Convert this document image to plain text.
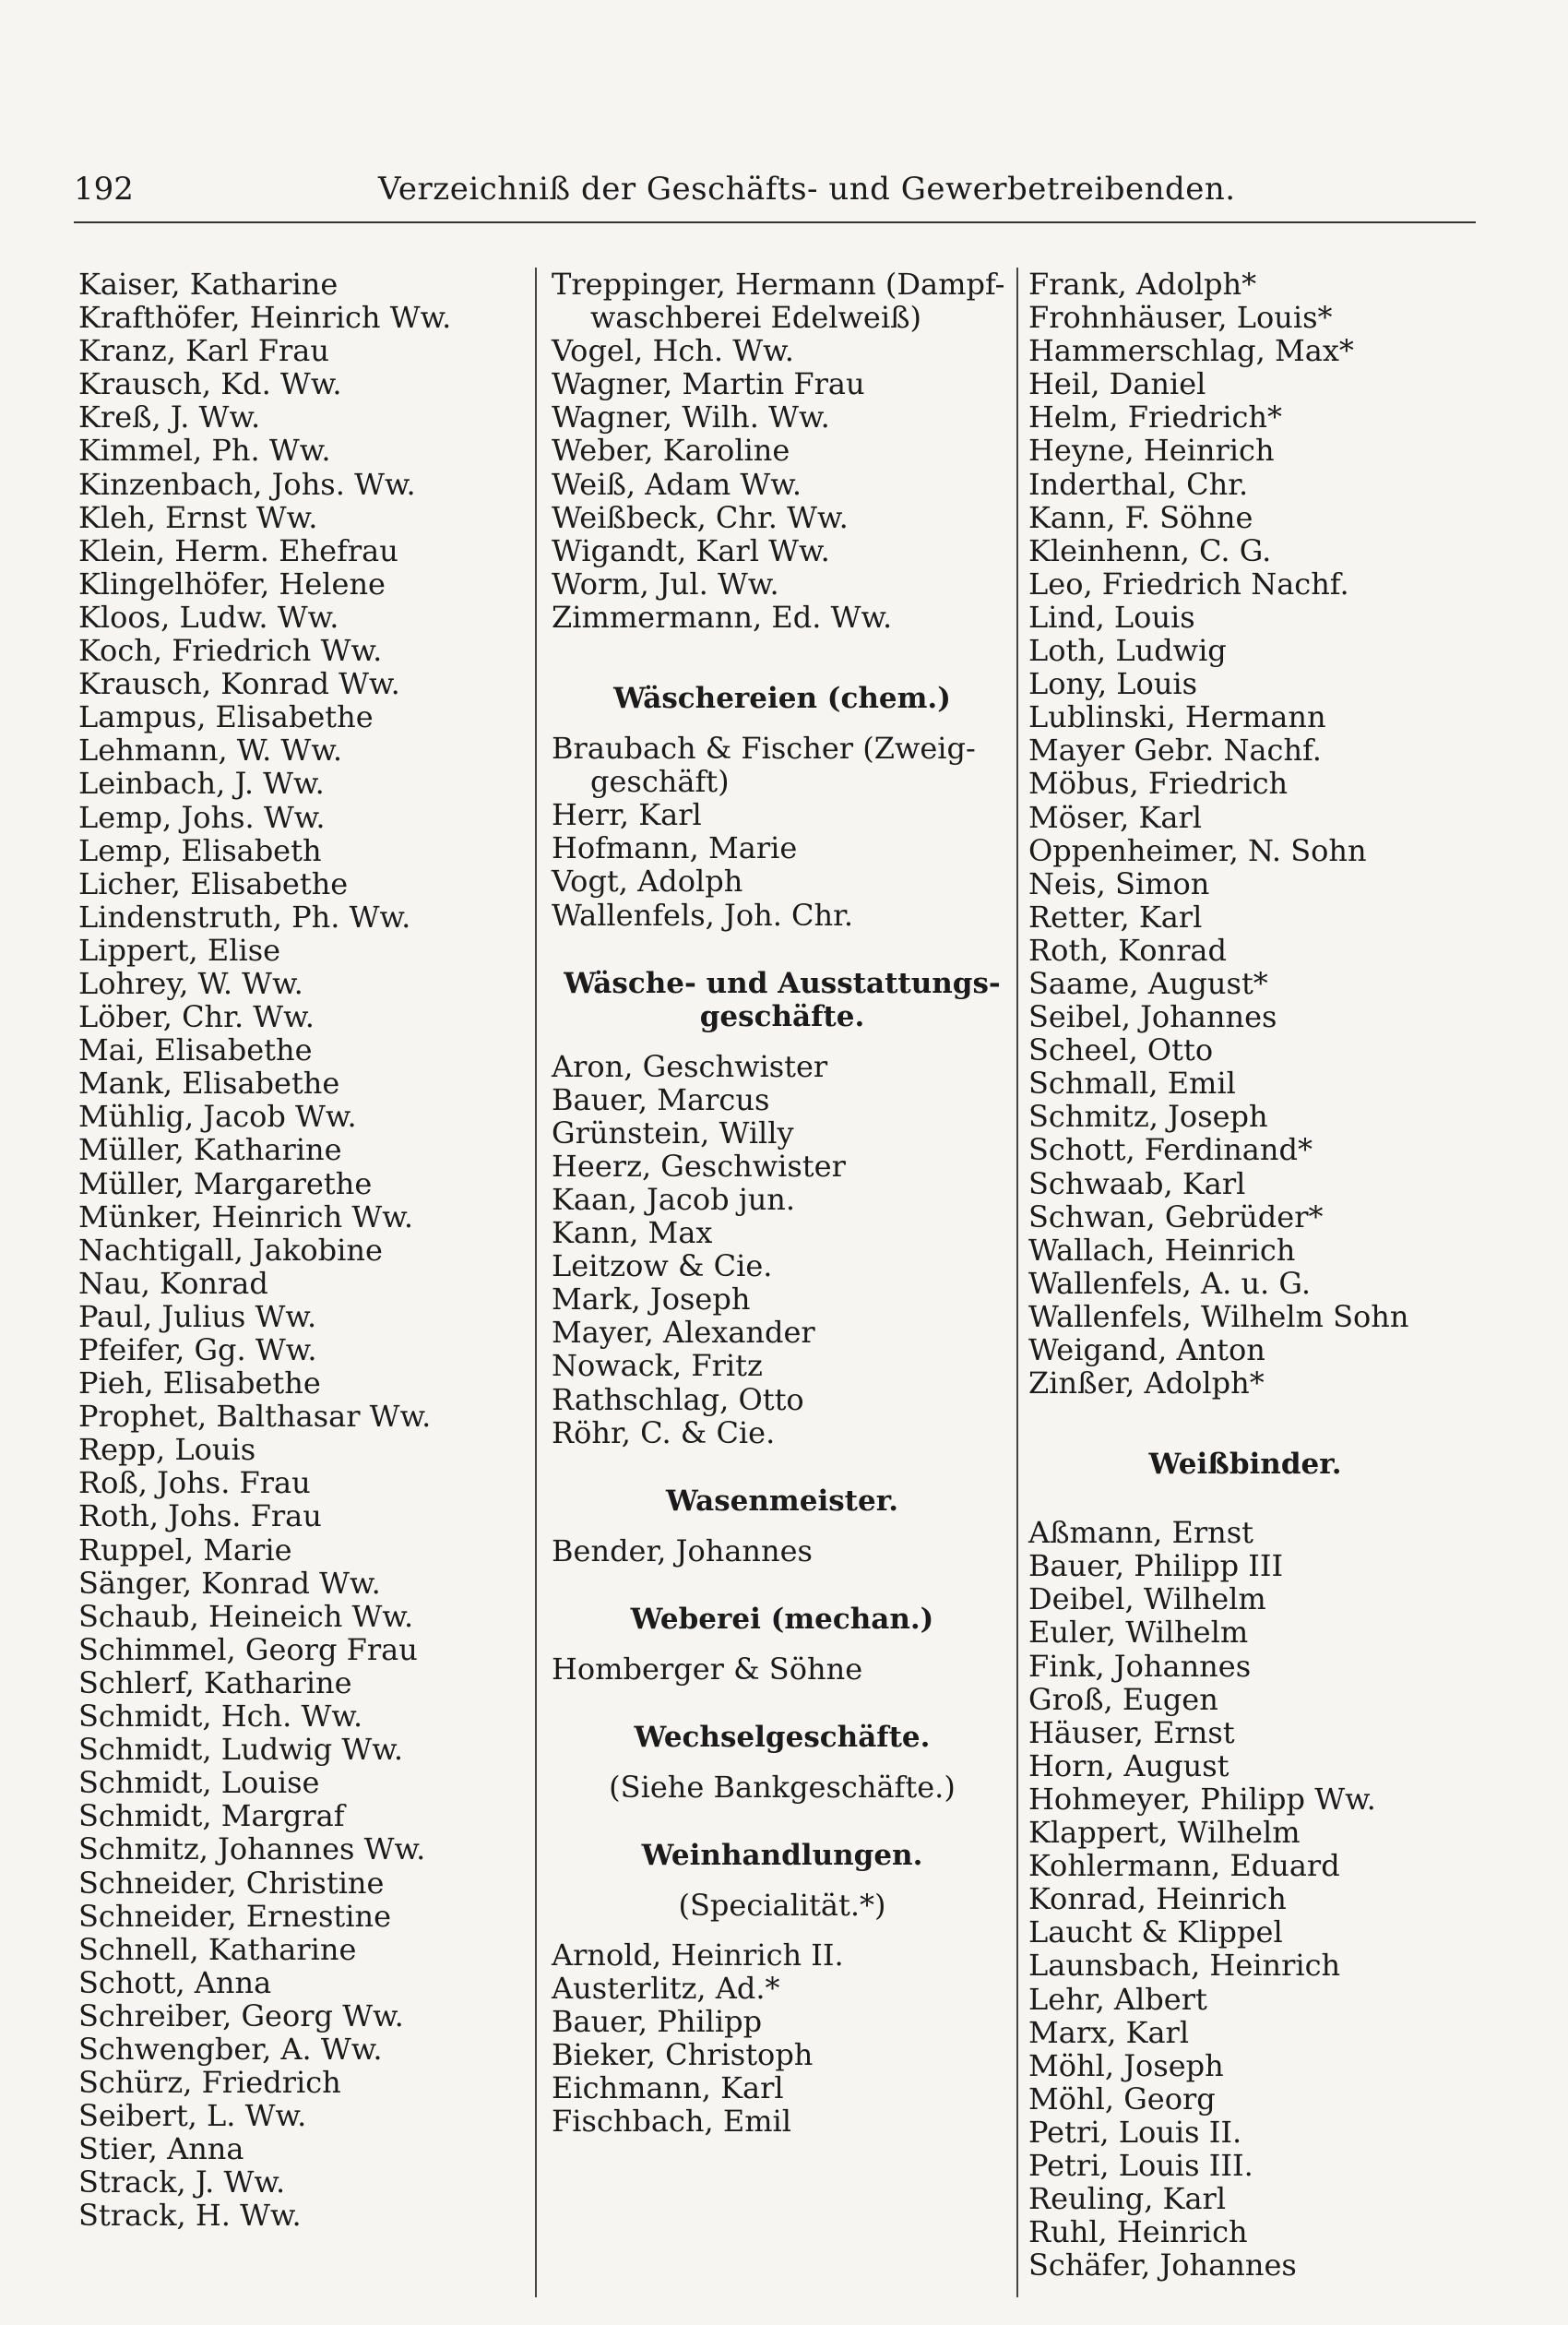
192	Verzeichniß der Geschäfts- und Gewerbetreibenden.
Kaiser, Katharine
Krafthöfer, Heinrich Ww.
Kranz, Karl Frau
Krausch, Kd. Ww.
Kreß, J. Ww.
Kimmel, Ph. Ww.
Kinzenbach, Johs. Ww.
Kleh, Ernst Ww.
Klein, Herm. Ehefrau
Klingelhöfer, Helene
Kloos, Ludw. Ww.
Koch, Friedrich Ww.
Krausch, Konrad Ww.
Lampus, Elisabethe
Lehmann, W. Ww.
Leinbach, J. Ww.
Lemp, Johs. Ww.
Lemp, Elisabeth
Licher, Elisabethe
Lindenstruth, Ph. Ww.
Lippert, Elise
Lohrey, W. Ww.
Löber, Chr. Ww.
Mai, Elisabethe
Mank, Elisabethe
Mühlig, Jacob Ww.
Müller, Katharine
Müller, Margarethe
Münker, Heinrich Ww.
Nachtigall, Jakobine
Nau, Konrad
Paul, Julius Ww.
Pfeifer, Gg. Ww.
Pieh, Elisabethe
Prophet, Balthasar Ww.
Repp, Louis
Roß, Johs. Frau
Roth, Johs. Frau
Ruppel, Marie
Sänger, Konrad Ww.
Schaub, Heineich Ww.
Schimmel, Georg Frau
Schlerf, Katharine
Schmidt, Hch. Ww.
Schmidt, Ludwig Ww.
Schmidt, Louise
Schmidt, Margraf
Schmitz, Johannes Ww.
Schneider, Christine
Schneider, Ernestine
Schnell, Katharine
Schott, Anna
Schreiber, Georg Ww.
Schwengber, A. Ww.
Schürz, Friedrich
Seibert, L. Ww.
Stier, Anna
Strack, J. Ww.
Strack, H. Ww.
Treppinger, Hermann (Dampf-
waschberei Edelweiß)
Vogel, Hch. Ww.
Wagner, Martin Frau
Wagner, Wilh. Ww.
Weber, Karoline
Weiß, Adam Ww.
Weißbeck, Chr. Ww.
Wigandt, Karl Ww.
Worm, Jul. Ww.
Zimmermann, Ed. Ww.
Wäschereien (chem.)
Braubach & Fischer (Zweig-
geschäft)
Herr, Karl
Hofmann, Marie
Vogt, Adolph
Wallenfels, Joh. Chr.
Wäsche- und Ausstattungs-
geschäfte.
Aron, Geschwister
Bauer, Marcus
Grünstein, Willy
Heerz, Geschwister
Kaan, Jacob jun.
Kann, Max
Leitzow & Cie.
Mark, Joseph
Mayer, Alexander
Nowack, Fritz
Rathschlag, Otto
Röhr, C. & Cie.
Wasenmeister.
Bender, Johannes
Weberei (mechan.)
Homberger & Söhne
Wechselgeschäfte.
(Siehe Bankgeschäfte.)
Weinhandlungen.
(Specialität.*)
Arnold, Heinrich II.
Austerlitz, Ad.*
Bauer, Philipp
Bieker, Christoph
Eichmann, Karl
Fischbach, Emil
Frank, Adolph*
Frohnhäuser, Louis*
Hammerschlag, Max*
Heil, Daniel
Helm, Friedrich*
Heyne, Heinrich
Inderthal, Chr.
Kann, F. Söhne
Kleinhenn, C. G.
Leo, Friedrich Nachf.
Lind, Louis
Loth, Ludwig
Lony, Louis
Lublinski, Hermann
Mayer Gebr. Nachf.
Möbus, Friedrich
Möser, Karl
Oppenheimer, N. Sohn
Neis, Simon
Retter, Karl
Roth, Konrad
Saame, August*
Seibel, Johannes
Scheel, Otto
Schmall, Emil
Schmitz, Joseph
Schott, Ferdinand*
Schwaab, Karl
Schwan, Gebrüder*
Wallach, Heinrich
Wallenfels, A. u. G.
Wallenfels, Wilhelm Sohn
Weigand, Anton
Zinßer, Adolph*
Weißbinder.
Aßmann, Ernst
Bauer, Philipp III
Deibel, Wilhelm
Euler, Wilhelm
Fink, Johannes
Groß, Eugen
Häuser, Ernst
Horn, August
Hohmeyer, Philipp Ww.
Klappert, Wilhelm
Kohlermann, Eduard
Konrad, Heinrich
Laucht & Klippel
Launsbach, Heinrich
Lehr, Albert
Marx, Karl
Möhl, Joseph
Möhl, Georg
Petri, Louis II.
Petri, Louis III.
Reuling, Karl
Ruhl, Heinrich
Schäfer, Johannes
